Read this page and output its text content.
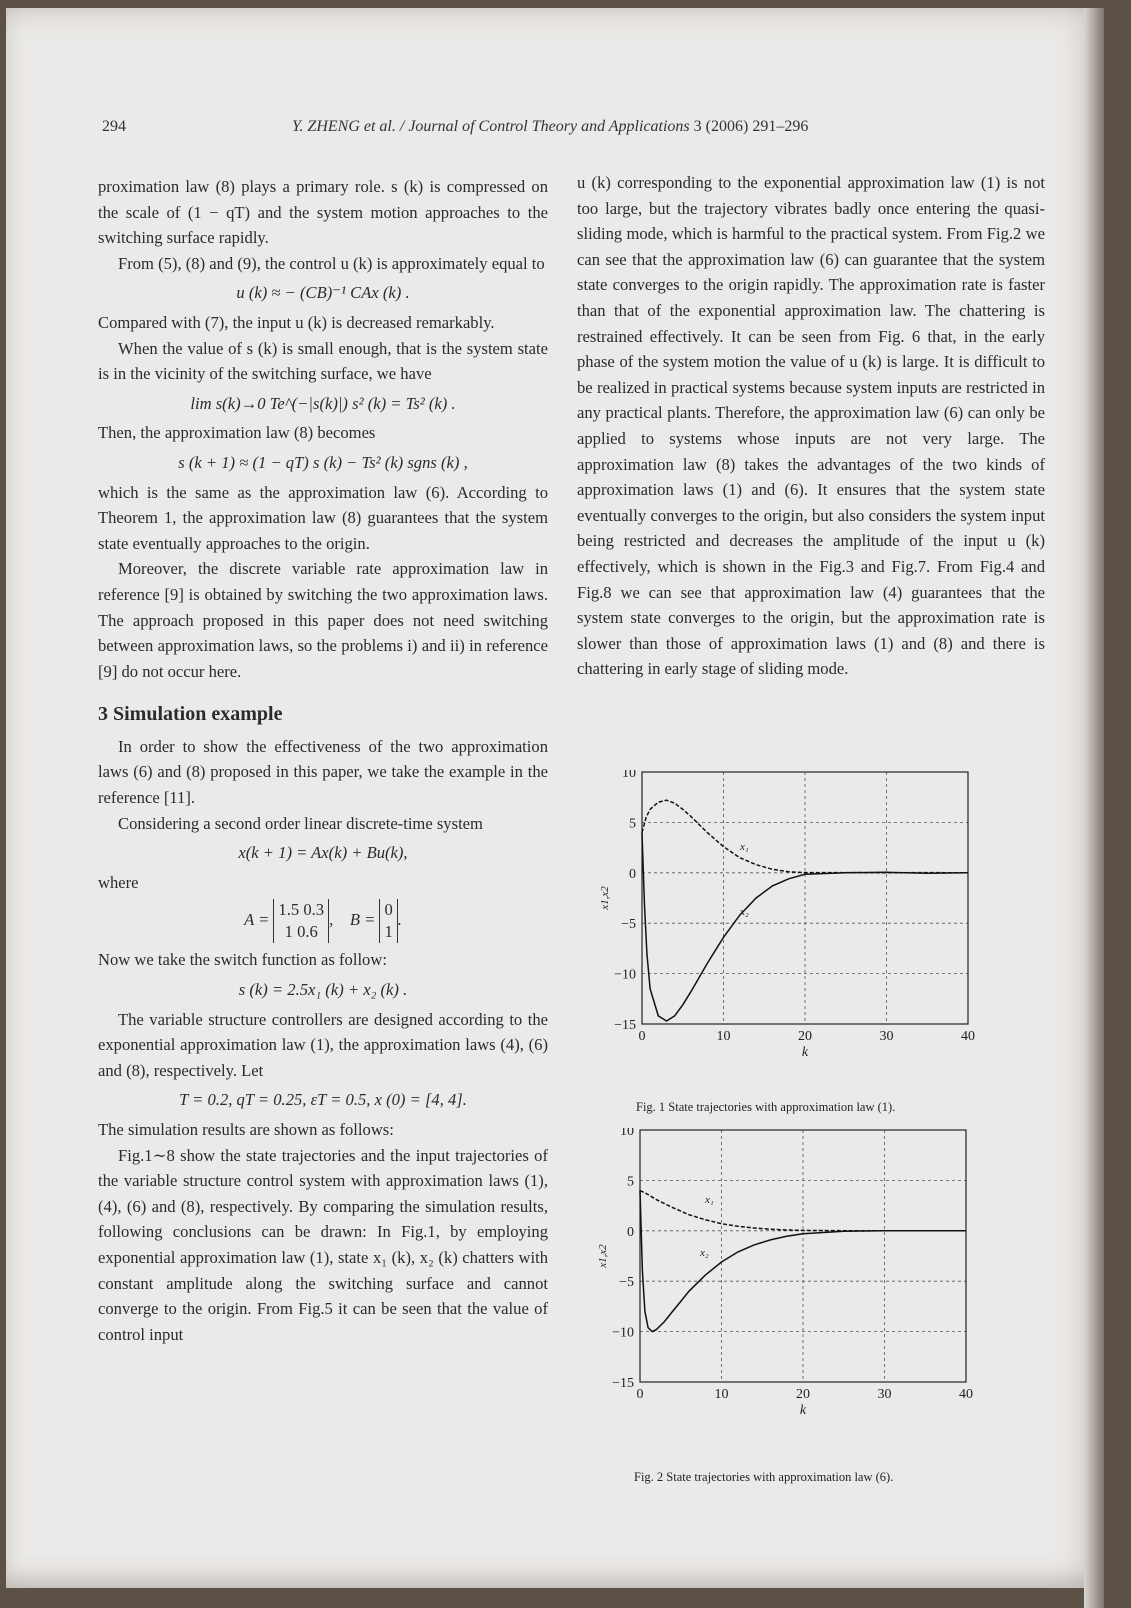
294	Y. ZHENG et al. / Journal of Control Theory and Applications 3 (2006) 291–296

proximation law (8) plays a primary role. s (k) is compressed on the scale of (1 − qT) and the system motion approaches to the switching surface rapidly.

From (5), (8) and (9), the control u (k) is approximately equal to

u (k) ≈ − (CB)⁻¹ CAx (k) .

Compared with (7), the input u (k) is decreased remarkably.

When the value of s (k) is small enough, that is the system state is in the vicinity of the switching surface, we have

lim s(k)→0 Te^(−|s(k)|) s² (k) = Ts² (k) .

Then, the approximation law (8) becomes

s (k + 1) ≈ (1 − qT) s (k) − Ts² (k) sgns (k) ,

which is the same as the approximation law (6). According to Theorem 1, the approximation law (8) guarantees that the system state eventually approaches to the origin.

Moreover, the discrete variable rate approximation law in reference [9] is obtained by switching the two approximation laws. The approach proposed in this paper does not need switching between approximation laws, so the problems i) and ii) in reference [9] do not occur here.

3 Simulation example

In order to show the effectiveness of the two approximation laws (6) and (8) proposed in this paper, we take the example in the reference [11].

Considering a second order linear discrete-time system

x(k + 1) = Ax(k) + Bu(k),

where

A =
1.5 0.3
1 0.6
,    B =
0
1
.

Now we take the switch function as follow:

s (k) = 2.5x₁ (k) + x₂ (k) .

The variable structure controllers are designed according to the exponential approximation law (1), the approximation laws (4), (6) and (8), respectively. Let

T = 0.2, qT = 0.25, εT = 0.5, x (0) = [4, 4].

The simulation results are shown as follows:

Fig.1∼8 show the state trajectories and the input trajectories of the variable structure control system with approximation laws (1), (4), (6) and (8), respectively. By comparing the simulation results, following conclusions can be drawn: In Fig.1, by employing exponential approximation law (1), state x₁ (k), x₂ (k) chatters with constant amplitude along the switching surface and cannot converge to the origin. From Fig.5 it can be seen that the value of control input

u (k) corresponding to the exponential approximation law (1) is not too large, but the trajectory vibrates badly once entering the quasi-sliding mode, which is harmful to the practical system. From Fig.2 we can see that the approximation law (6) can guarantee that the system state converges to the origin rapidly. The approximation rate is faster than that of the exponential approximation law. The chattering is restrained effectively. It can be seen from Fig. 6 that, in the early phase of the system motion the value of u (k) is large. It is difficult to be realized in practical systems because system inputs are restricted in any practical plants. Therefore, the approximation law (6) can only be applied to systems whose inputs are not very large. The approximation law (8) takes the advantages of the two kinds of approximation laws (1) and (6). It ensures that the system state eventually converges to the origin, but also considers the system input being restricted and decreases the amplitude of the input u (k) effectively, which is shown in the Fig.3 and Fig.7. From Fig.4 and Fig.8 we can see that approximation law (4) guarantees that the system state converges to the origin, but the approximation rate is slower than those of approximation laws (1) and (8) and there is chattering in early stage of sliding mode.

0	10	20	30	40
10
5
0
−5
−10
−15
k
x1,x2
x₁
x₂
Fig. 1 State trajectories with approximation law (1).
0	10	20	30	40
10
5
0
−5
−10
−15
k
x1,x2
x₁
x₂
Fig. 2 State trajectories with approximation law (6).
